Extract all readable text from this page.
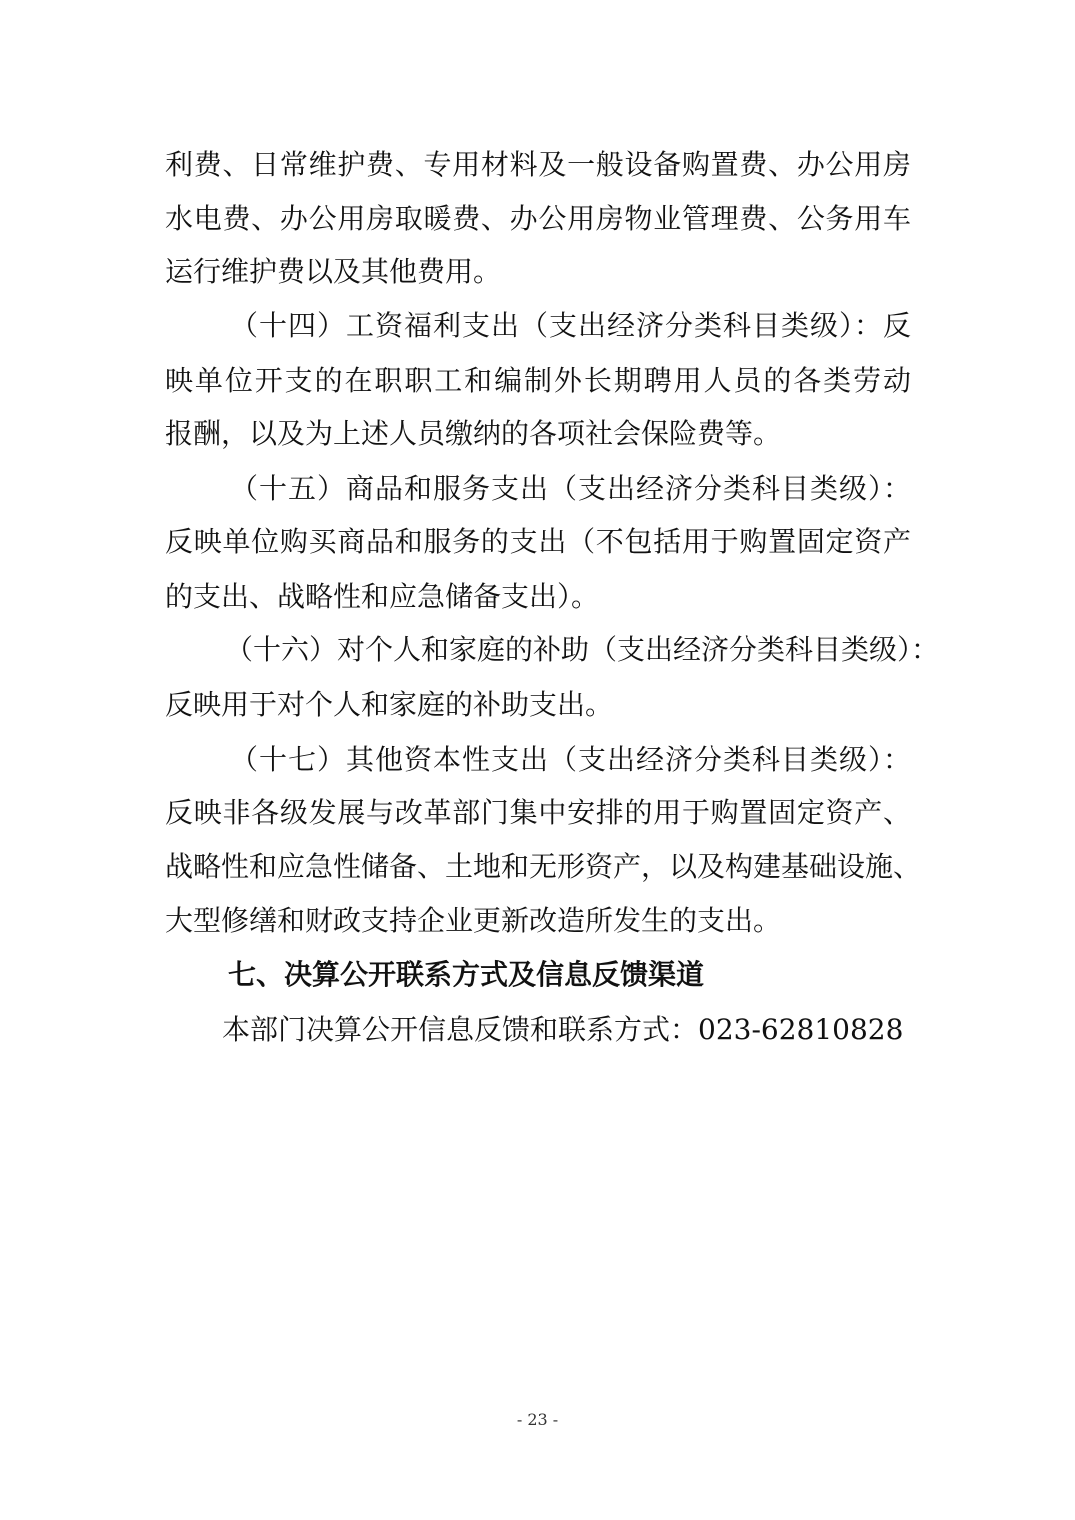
利费、日常维护费、专用材料及一般设备购置费、办公用房
水电费、办公用房取暖费、办公用房物业管理费、公务用车
运行维护费以及其他费用。
（十四）工资福利支出（支出经济分类科目类级）：反
映单位开支的在职职工和编制外长期聘用人员的各类劳动
报酬，以及为上述人员缴纳的各项社会保险费等。
（十五）商品和服务支出（支出经济分类科目类级）：
反映单位购买商品和服务的支出（不包括用于购置固定资产
的支出、战略性和应急储备支出）。
（十六）对个人和家庭的补助（支出经济分类科目类级）：
反映用于对个人和家庭的补助支出。
（十七）其他资本性支出（支出经济分类科目类级）：
反映非各级发展与改革部门集中安排的用于购置固定资产、
战略性和应急性储备、土地和无形资产，以及构建基础设施、
大型修缮和财政支持企业更新改造所发生的支出。
七、决算公开联系方式及信息反馈渠道
本部门决算公开信息反馈和联系方式：023-62810828
- 23 -
